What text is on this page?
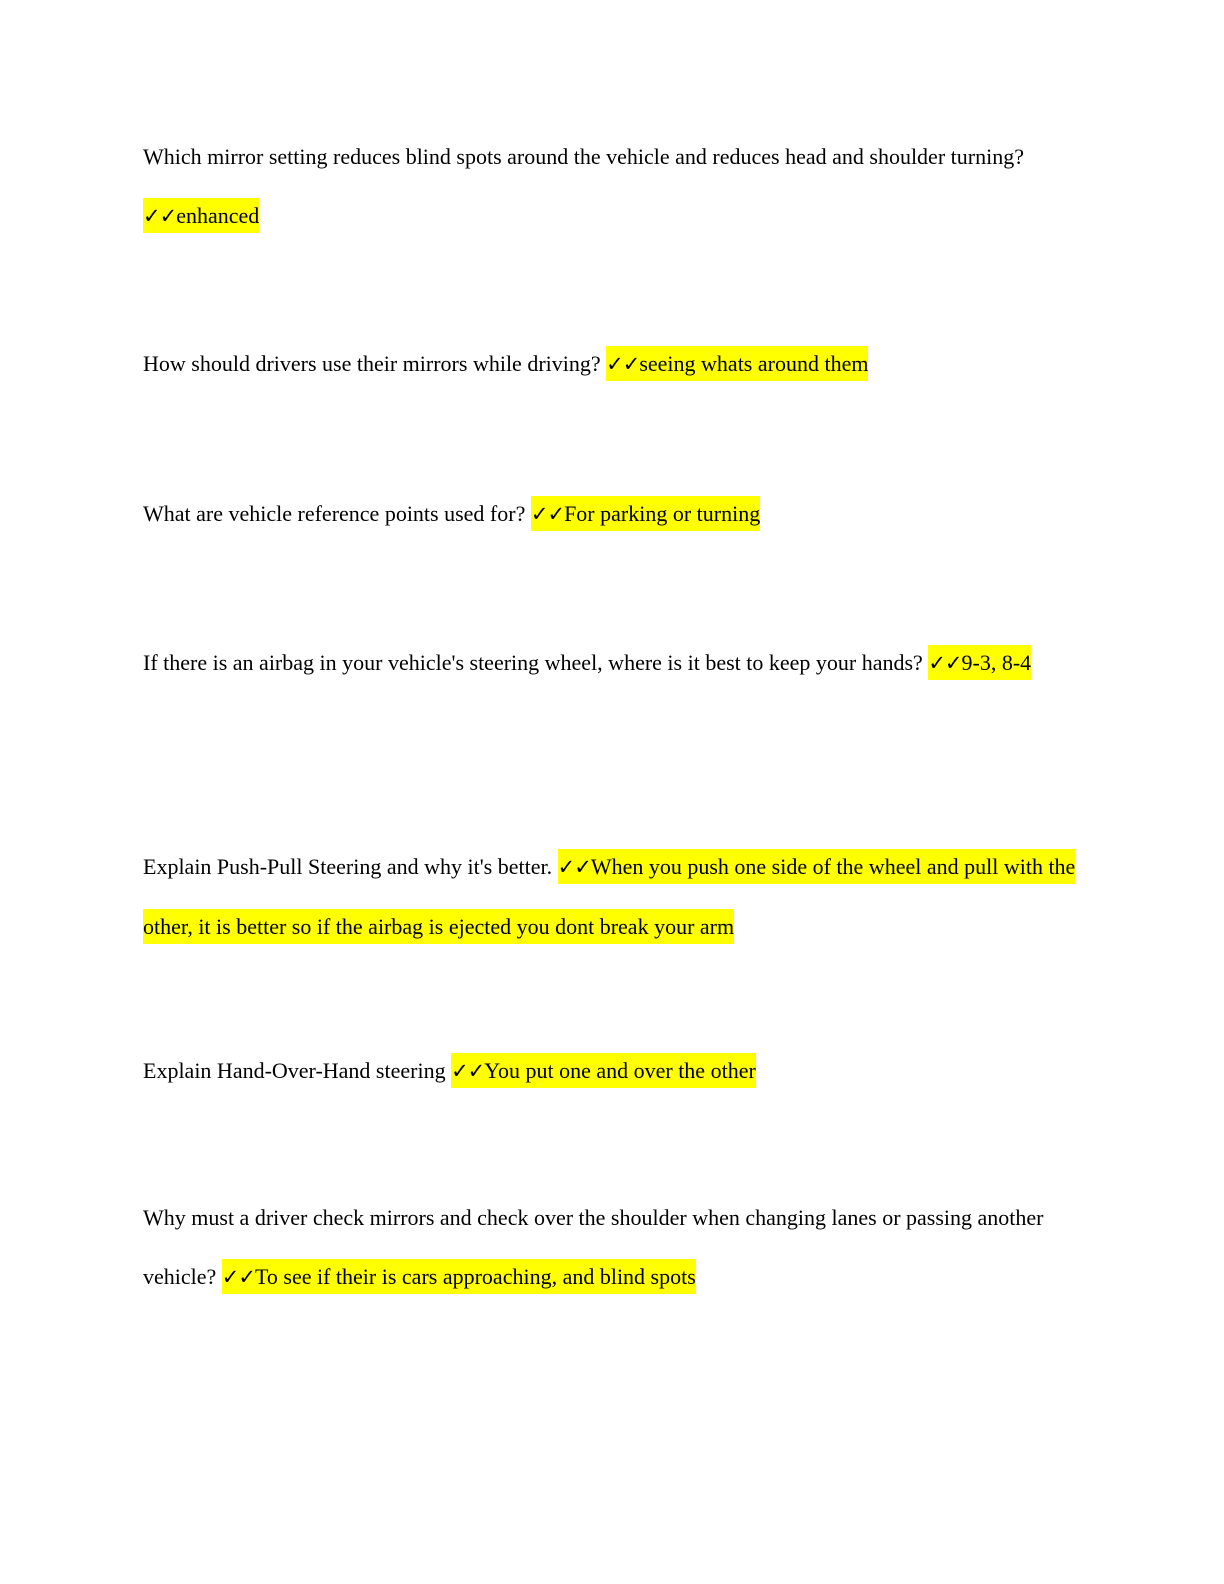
Which mirror setting reduces blind spots around the vehicle and reduces head and shoulder turning? ✓✓enhanced

How should drivers use their mirrors while driving? ✓✓seeing whats around them

What are vehicle reference points used for? ✓✓For parking or turning

If there is an airbag in your vehicle's steering wheel, where is it best to keep your hands? ✓✓9-3, 8-4

Explain Push-Pull Steering and why it's better. ✓✓When you push one side of the wheel and pull with the other, it is better so if the airbag is ejected you dont break your arm

Explain Hand-Over-Hand steering ✓✓You put one and over the other

Why must a driver check mirrors and check over the shoulder when changing lanes or passing another vehicle? ✓✓To see if their is cars approaching, and blind spots
